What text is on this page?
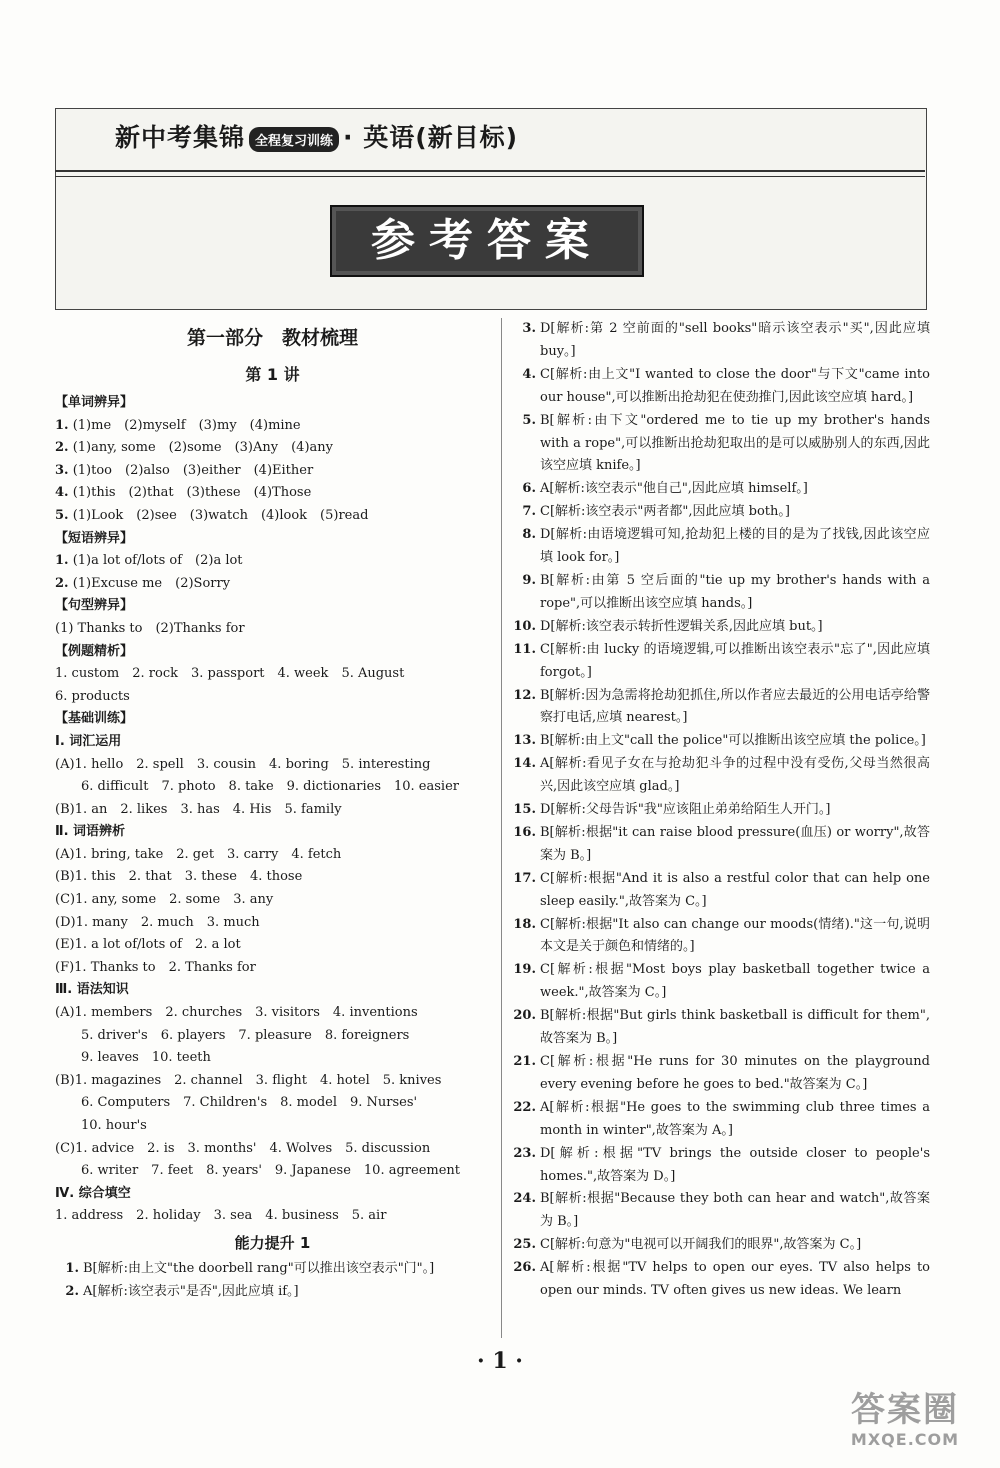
新中考集锦 全程复习训练 · 英语(新目标)
参考答案
第一部分　教材梳理
第 1 讲
【单词辨异】
1. (1)me　(2)myself　(3)my　(4)mine
2. (1)any, some　(2)some　(3)Any　(4)any
3. (1)too　(2)also　(3)either　(4)Either
4. (1)this　(2)that　(3)these　(4)Those
5. (1)Look　(2)see　(3)watch　(4)look　(5)read
【短语辨异】
1. (1)a lot of/lots of　(2)a lot
2. (1)Excuse me　(2)Sorry
【句型辨异】
(1) Thanks to　(2)Thanks for
【例题精析】
1. custom　2. rock　3. passport　4. week　5. August
6. products
【基础训练】
Ⅰ. 词汇运用
(A)1. hello　2. spell　3. cousin　4. boring　5. interesting
6. difficult　7. photo　8. take　9. dictionaries　10. easier
(B)1. an　2. likes　3. has　4. His　5. family
Ⅱ. 词语辨析
(A)1. bring, take　2. get　3. carry　4. fetch
(B)1. this　2. that　3. these　4. those
(C)1. any, some　2. some　3. any
(D)1. many　2. much　3. much
(E)1. a lot of/lots of　2. a lot
(F)1. Thanks to　2. Thanks for
Ⅲ. 语法知识
(A)1. members　2. churches　3. visitors　4. inventions
5. driver's　6. players　7. pleasure　8. foreigners
9. leaves　10. teeth
(B)1. magazines　2. channel　3. flight　4. hotel　5. knives
6. Computers　7. Children's　8. model　9. Nurses'
10. hour's
(C)1. advice　2. is　3. months'　4. Wolves　5. discussion
6. writer　7. feet　8. years'　9. Japanese　10. agreement
Ⅳ. 综合填空
1. address　2. holiday　3. sea　4. business　5. air
能力提升 1
1. B[解析:由上文"the doorbell rang"可以推出该空表示"门"。]
2. A[解析:该空表示"是否",因此应填 if。]
3. D[解析:第 2 空前面的"sell books"暗示该空表示"买",因此应填 buy。]
4. C[解析:由上文"I wanted to close the door"与下文"came into our house",可以推断出抢劫犯在使劲推门,因此该空应填 hard。]
5. B[解析:由下文"ordered me to tie up my brother's hands with a rope",可以推断出抢劫犯取出的是可以威胁别人的东西,因此该空应填 knife。]
6. A[解析:该空表示"他自己",因此应填 himself。]
7. C[解析:该空表示"两者都",因此应填 both。]
8. D[解析:由语境逻辑可知,抢劫犯上楼的目的是为了找钱,因此该空应填 look for。]
9. B[解析:由第 5 空后面的"tie up my brother's hands with a rope",可以推断出该空应填 hands。]
10. D[解析:该空表示转折性逻辑关系,因此应填 but。]
11. C[解析:由 lucky 的语境逻辑,可以推断出该空表示"忘了",因此应填 forgot。]
12. B[解析:因为急需将抢劫犯抓住,所以作者应去最近的公用电话亭给警察打电话,应填 nearest。]
13. B[解析:由上文"call the police"可以推断出该空应填 the police。]
14. A[解析:看见子女在与抢劫犯斗争的过程中没有受伤,父母当然很高兴,因此该空应填 glad。]
15. D[解析:父母告诉"我"应该阻止弟弟给陌生人开门。]
16. B[解析:根据"it can raise blood pressure(血压) or worry",故答案为 B。]
17. C[解析:根据"And it is also a restful color that can help one sleep easily.",故答案为 C。]
18. C[解析:根据"It also can change our moods(情绪)."这一句,说明本文是关于颜色和情绪的。]
19. C[解析:根据"Most boys play basketball together twice a week.",故答案为 C。]
20. B[解析:根据"But girls think basketball is difficult for them",故答案为 B。]
21. C[解析:根据"He runs for 30 minutes on the playground every evening before he goes to bed."故答案为 C。]
22. A[解析:根据"He goes to the swimming club three times a month in winter",故答案为 A。]
23. D[解析:根据"TV brings the outside closer to people's homes.",故答案为 D。]
24. B[解析:根据"Because they both can hear and watch",故答案为 B。]
25. C[解析:句意为"电视可以开阔我们的眼界",故答案为 C。]
26. A[解析:根据"TV helps to open our eyes. TV also helps to open our minds. TV often gives us new ideas. We learn
· 1 ·
答案圈
MXQE.COM
